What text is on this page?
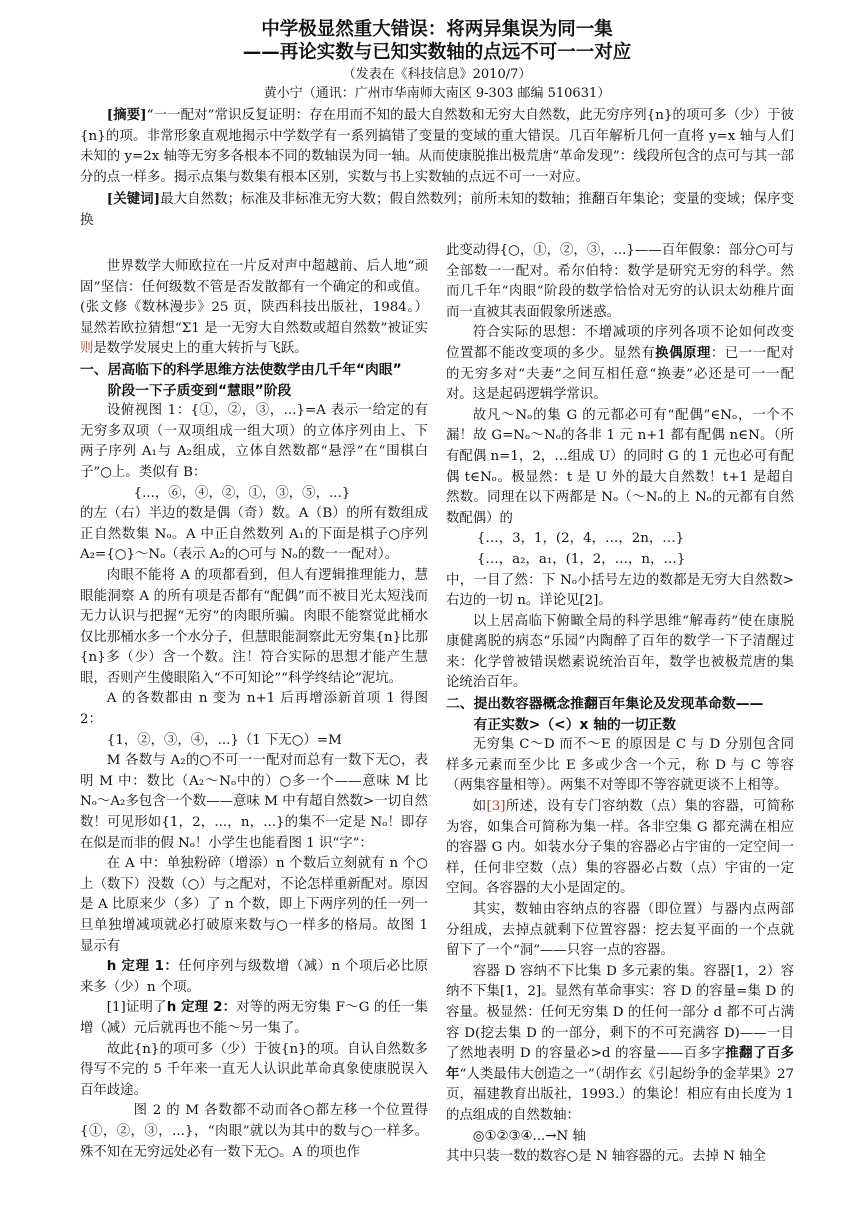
中学极显然重大错误：将两异集误为同一集
——再论实数与已知实数轴的点远不可一一对应
（发表在《科技信息》2010/7）
黄小宁（通讯：广州市华南师大南区 9-303 邮编 510631）

[摘要]“一一配对”常识反复证明：存在用而不知的最大自然数和无穷大自然数，此无穷序列{n}的项可多（少）于彼{n}的项。非常形象直观地揭示中学数学有一系列搞错了变量的变域的重大错误。几百年解析几何一直将 y=x 轴与人们未知的 y=2x 轴等无穷多各根本不同的数轴误为同一轴。从而使康脱推出极荒唐“革命发现”：线段所包含的点可与其一部分的点一样多。揭示点集与数集有根本区别，实数与书上实数轴的点远不可一一对应。

[关键词]最大自然数；标准及非标准无穷大数；假自然数列；前所未知的数轴；推翻百年集论；变量的变域；保序变换

世界数学大师欧拉在一片反对声中超越前、后人地“顽固”坚信：任何级数不管是否发散都有一个确定的和或值。(张文修《数林漫步》25 页，陕西科技出版社，1984。）显然若欧拉猜想“Σ1 是一无穷大自然数或超自然数”被证实则是数学发展史上的重大转折与飞跃。

一、居高临下的科学思维方法使数学由几千年“肉眼”
阶段一下子质变到“慧眼”阶段

设俯视图 1：{①，②，③，...}=A 表示一给定的有无穷多双项（一双项组成一组大项）的立体序列由上、下两子序列 A₁与 A₂组成，立体自然数都“悬浮”在“围棋白子”○上。类似有 B：

{...，⑥，④，②，①，③，⑤，...}

的左（右）半边的数是偶（奇）数。A（B）的所有数组成正自然数集 Nₒ。A 中正自然数列 A₁的下面是棋子○序列 A₂={○}～Nₒ（表示 A₂的○可与 Nₒ的数一一配对）。

肉眼不能将 A 的项都看到，但人有逻辑推理能力，慧眼能洞察 A 的所有项是否都有“配偶”而不被目光太短浅而无力认识与把握“无穷”的肉眼所骗。肉眼不能察觉此桶水仅比那桶水多一个水分子，但慧眼能洞察此无穷集{n}比那{n}多（少）含一个数。注！符合实际的思想才能产生慧眼，否则产生傻眼陷入“不可知论”“科学终结论”泥坑。

A 的各数都由 n 变为 n+1 后再增添新首项 1 得图 2：

{1，②，③，④，...}（1 下无○）=M

M 各数与 A₂的○不可一一配对而总有一数下无○，表明 M 中：数比（A₂～Nₒ中的）○多一个——意味 M 比 Nₒ～A₂多包含一个数——意味 M 中有超自然数>一切自然数！可见形如{1，2，...，n，...}的集不一定是 Nₒ！即存在似是而非的假 Nₒ！小学生也能看图 1 识“字”：

在 A 中：单独粉碎（增添）n 个数后立刻就有 n 个○上（数下）没数（○）与之配对，不论怎样重新配对。原因是 A 比原来少（多）了 n 个数，即上下两序列的任一列一旦单独增减项就必打破原来数与○一样多的格局。故图 1 显示有

h 定理 1：任何序列与级数增（减）n 个项后必比原来多（少）n 个项。

[1]证明了h 定理 2：对等的两无穷集 F～G 的任一集增（减）元后就再也不能～另一集了。

故此{n}的项可多（少）于彼{n}的项。自认自然数多得写不完的 5 千年来一直无人认识此革命真象使康脱误入百年歧途。

图 2 的 M 各数都不动而各○都左移一个位置得{①，②，③，...}，“肉眼”就以为其中的数与○一样多。殊不知在无穷远处必有一数下无○。A 的项也作

此变动得{○，①，②，③，...}——百年假象：部分○可与全部数一一配对。希尔伯特：数学是研究无穷的科学。然而几千年“肉眼”阶段的数学恰恰对无穷的认识太幼稚片面而一直被其表面假象所迷惑。

符合实际的思想：不增减项的序列各项不论如何改变位置都不能改变项的多少。显然有换偶原理：已一一配对的无穷多对“夫妻”之间互相任意“换妻”必还是可一一配对。这是起码逻辑学常识。

故凡～Nₒ的集 G 的元都必可有“配偶”∈Nₒ，一个不漏！故 G=Nₒ～Nₒ的各非 1 元 n+1 都有配偶 n∈N。（所有配偶 n=1，2，…组成 U）的同时 G 的 1 元也必可有配偶 t∈Nₒ。极显然：t 是 U 外的最大自然数！t+1 是超自然数。同理在以下两都是 Nₒ（～Nₒ的上 Nₒ的元都有自然数配偶）的

{…，3，1，(2，4，…，2n，…}

{…，a₂，a₁，(1，2，…，n，…}

中，一目了然：下 Nₒ小括号左边的数都是无穷大自然数>右边的一切 n。详论见[2]。

以上居高临下俯瞰全局的科学思维“解毒药”使在康脱康健离脱的病态“乐园”内陶醉了百年的数学一下子清醒过来：化学曾被错误燃素说统治百年，数学也被极荒唐的集论统治百年。

二、提出数容器概念推翻百年集论及发现革命数——
有正实数>（<）x 轴的一切正数

无穷集 C～D 而不～E 的原因是 C 与 D 分别包含同样多元素而至少比 E 多或少含一个元，称 D 与 C 等容（两集容量相等）。两集不对等即不等容就更谈不上相等。

如[3]所述，设有专门容纳数（点）集的容器，可简称为容，如集合可简称为集一样。各非空集 G 都充满在相应的容器 G 内。如装水分子集的容器必占宇宙的一定空间一样，任何非空数（点）集的容器必占数（点）宇宙的一定空间。各容器的大小是固定的。

其实，数轴由容纳点的容器（即位置）与器内点两部分组成，去掉点就剩下位置容器：挖去复平面的一个点就留下了一个“洞”——只容一点的容器。

容器 D 容纳不下比集 D 多元素的集。容器[1，2）容纳不下集[1，2]。显然有革命事实：容 D 的容量=集 D 的容量。极显然：任何无穷集 D 的任何一部分 d 都不可占满容 D(挖去集 D 的一部分，剩下的不可充满容 D)——一目了然地表明 D 的容量必>d 的容量——百多字推翻了百多年“人类最伟大创造之一”（胡作玄《引起纷争的金苹果》27 页，福建教育出版社，1993.）的集论！相应有由长度为 1 的点组成的自然数轴：

◎①②③④...→N 轴

其中只装一数的数容○是 N 轴容器的元。去掉 N 轴全
